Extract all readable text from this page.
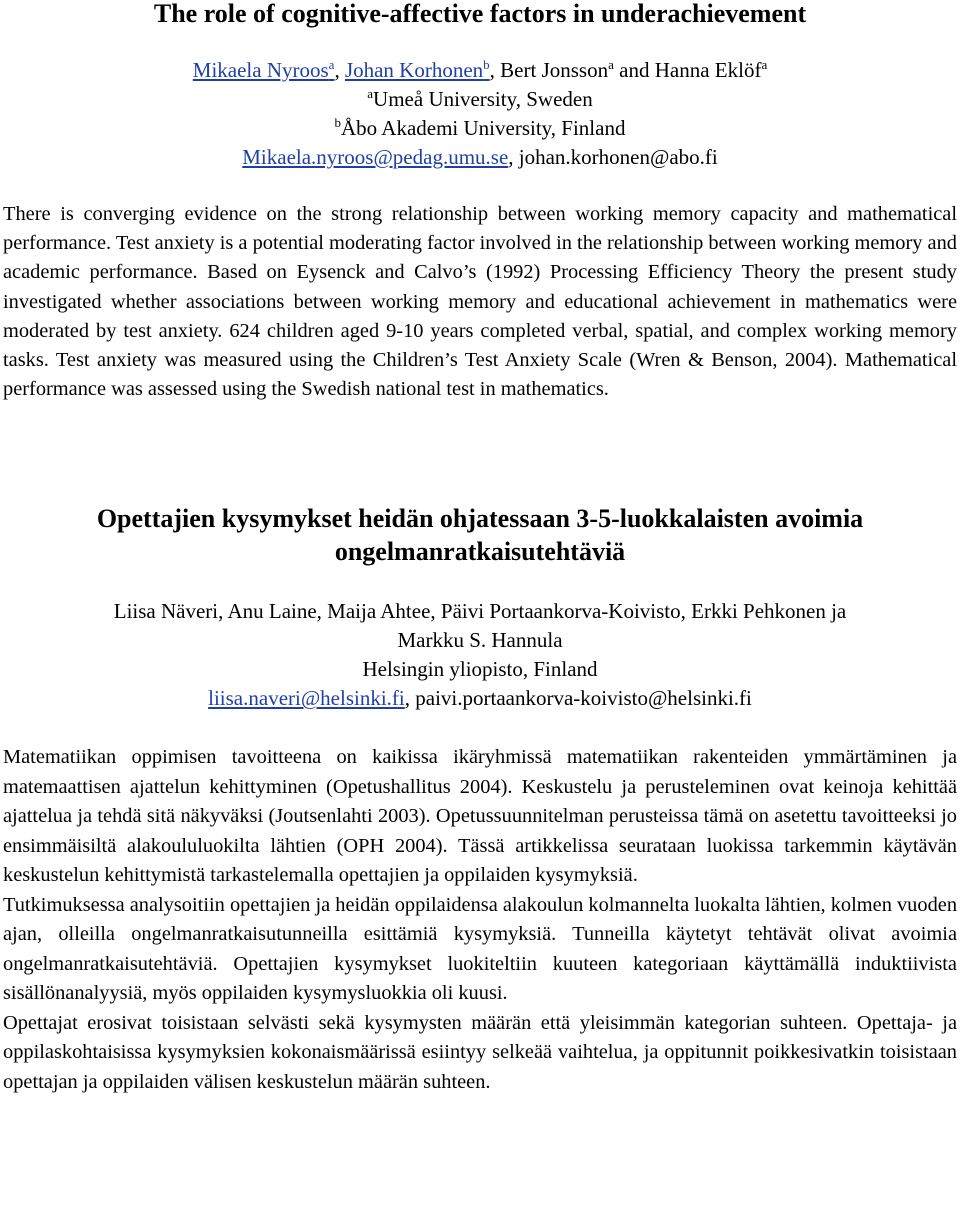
The role of cognitive-affective factors in underachievement
Mikaela Nyroos$^a$, Johan Korhonen$^b$, Bert Jonsson$^a$ and Hanna Eklöf$^a$
$^a$Umeå University, Sweden
$^b$Åbo Akademi University, Finland
Mikaela.nyroos@pedag.umu.se, johan.korhonen@abo.fi

There is converging evidence on the strong relationship between working memory capacity and mathematical performance. Test anxiety is a potential moderating factor involved in the relationship between working memory and academic performance. Based on Eysenck and Calvo’s (1992) Processing Efficiency Theory the present study investigated whether associations between working memory and educational achievement in mathematics were moderated by test anxiety. 624 children aged 9-10 years completed verbal, spatial, and complex working memory tasks. Test anxiety was measured using the Children’s Test Anxiety Scale (Wren & Benson, 2004). Mathematical performance was assessed using the Swedish national test in mathematics.

Opettajien kysymykset heidän ohjatessaan 3-5-luokkalaisten avoimia
ongelmanratkaisutehtäviä
Liisa Näveri, Anu Laine, Maija Ahtee, Päivi Portaankorva-Koivisto, Erkki Pehkonen ja
Markku S. Hannula
Helsingin yliopisto, Finland
liisa.naveri@helsinki.fi, paivi.portaankorva-koivisto@helsinki.fi

Matematiikan oppimisen tavoitteena on kaikissa ikäryhmissä matematiikan rakenteiden ymmärtäminen ja matemaattisen ajattelun kehittyminen (Opetushallitus 2004). Keskustelu ja perusteleminen ovat keinoja kehittää ajattelua ja tehdä sitä näkyväksi (Joutsenlahti 2003). Opetussuunnitelman perusteissa tämä on asetettu tavoitteeksi jo ensimmäisiltä alakoululuokilta lähtien (OPH 2004). Tässä artikkelissa seurataan luokissa tarkemmin käytävän keskustelun kehittymistä tarkastelemalla opettajien ja oppilaiden kysymyksiä.

Tutkimuksessa analysoitiin opettajien ja heidän oppilaidensa alakoulun kolmannelta luokalta lähtien, kolmen vuoden ajan, olleilla ongelmanratkaisutunneilla esittämiä kysymyksiä. Tunneilla käytetyt tehtävät olivat avoimia ongelmanratkaisutehtäviä. Opettajien kysymykset luokiteltiin kuuteen kategoriaan käyttämällä induktiivista sisällönanalyysiä, myös oppilaiden kysymysluokkia oli kuusi.

Opettajat erosivat toisistaan selvästi sekä kysymysten määrän että yleisimmän kategorian suhteen. Opettaja- ja oppilaskohtaisissa kysymyksien kokonaismäärissä esiintyy selkeää vaihtelua, ja oppitunnit poikkesivatkin toisistaan opettajan ja oppilaiden välisen keskustelun määrän suhteen.
